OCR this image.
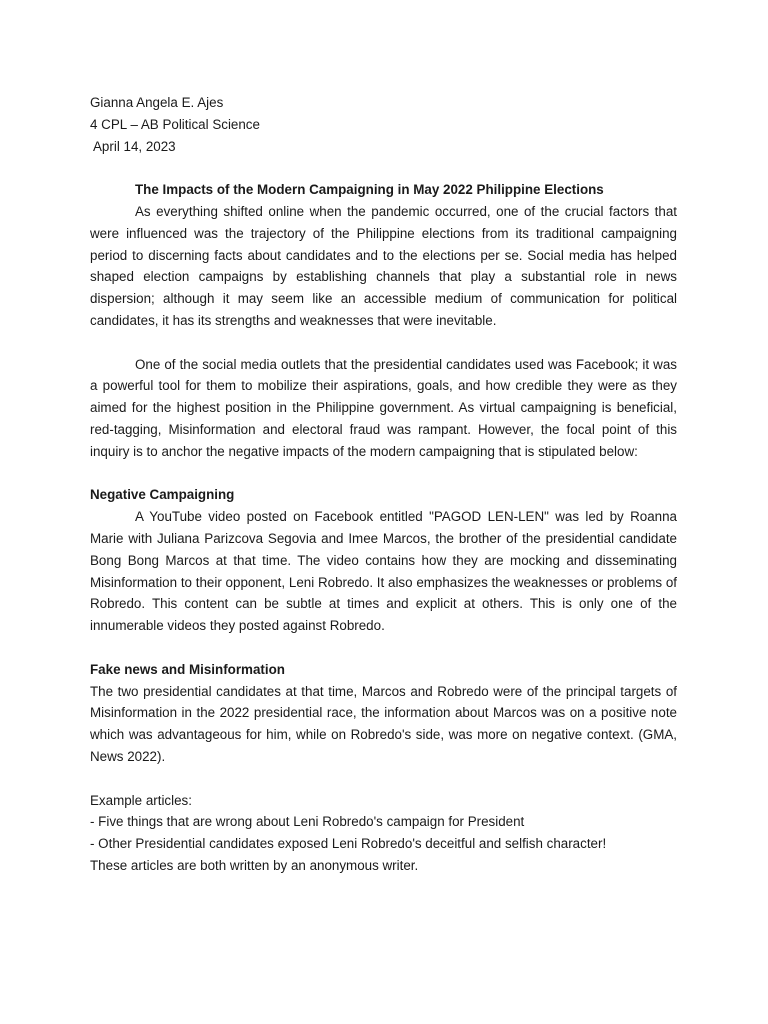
Gianna Angela E. Ajes
4 CPL – AB Political Science
April 14, 2023
The Impacts of the Modern Campaigning in May 2022 Philippine Elections

As everything shifted online when the pandemic occurred, one of the crucial factors that were influenced was the trajectory of the Philippine elections from its traditional campaigning period to discerning facts about candidates and to the elections per se. Social media has helped shaped election campaigns by establishing channels that play a substantial role in news dispersion; although it may seem like an accessible medium of communication for political candidates, it has its strengths and weaknesses that were inevitable.

One of the social media outlets that the presidential candidates used was Facebook; it was a powerful tool for them to mobilize their aspirations, goals, and how credible they were as they aimed for the highest position in the Philippine government. As virtual campaigning is beneficial, red-tagging, Misinformation and electoral fraud was rampant. However, the focal point of this inquiry is to anchor the negative impacts of the modern campaigning that is stipulated below:

Negative Campaigning

A YouTube video posted on Facebook entitled "PAGOD LEN-LEN" was led by Roanna Marie with Juliana Parizcova Segovia and Imee Marcos, the brother of the presidential candidate Bong Bong Marcos at that time. The video contains how they are mocking and disseminating Misinformation to their opponent, Leni Robredo. It also emphasizes the weaknesses or problems of Robredo. This content can be subtle at times and explicit at others. This is only one of the innumerable videos they posted against Robredo.

Fake news and Misinformation

The two presidential candidates at that time, Marcos and Robredo were of the principal targets of Misinformation in the 2022 presidential race, the information about Marcos was on a positive note which was advantageous for him, while on Robredo's side, was more on negative context. (GMA, News 2022).

Example articles:
- Five things that are wrong about Leni Robredo's campaign for President
- Other Presidential candidates exposed Leni Robredo's deceitful and selfish character!
These articles are both written by an anonymous writer.
